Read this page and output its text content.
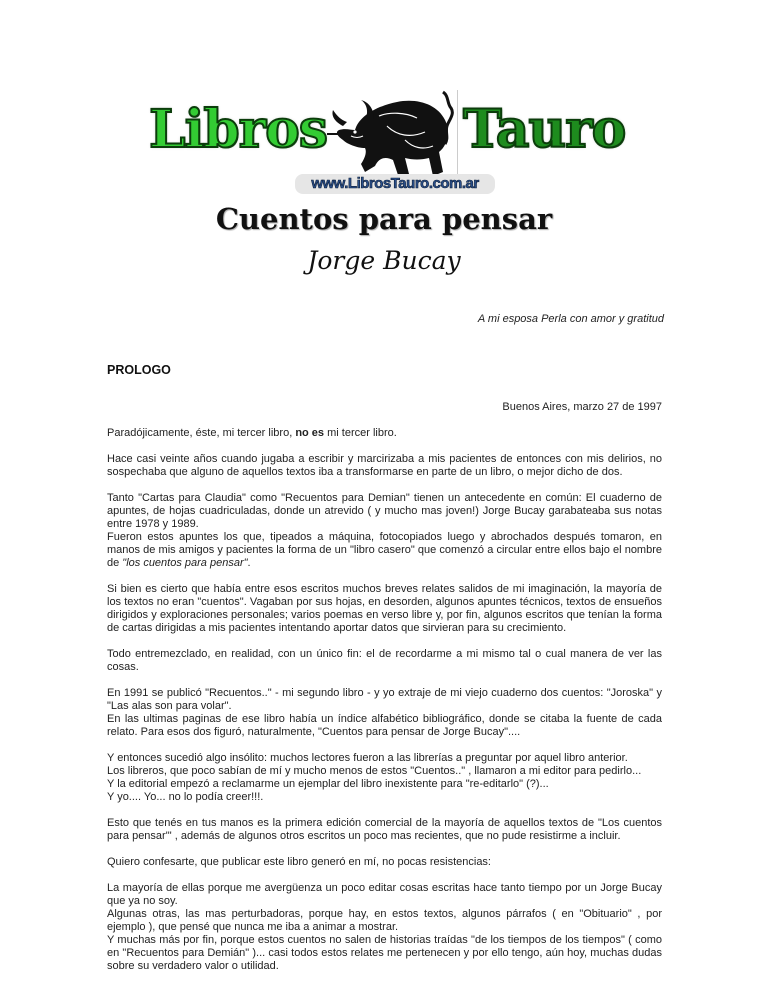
Libros	Tauro
www.LibrosTauro.com.ar
Cuentos para pensar
Jorge Bucay
A mi esposa Perla con amor y gratitud
PROLOGO
Buenos Aires, marzo 27 de 1997

Paradójicamente, éste, mi tercer libro, no es mi tercer libro.

Hace casi veinte años cuando jugaba a escribir y marcirizaba a mis pacientes de entonces con mis delirios, no sospechaba que alguno de aquellos textos iba a transformarse en parte de un libro, o mejor dicho de dos.

Tanto "Cartas para Claudia" como "Recuentos para Demian" tienen un antecedente en común: El cuaderno de apuntes, de hojas cuadriculadas, donde un atrevido ( y mucho mas joven!) Jorge Bucay garabateaba sus notas entre 1978 y 1989.
Fueron estos apuntes los que, tipeados a máquina, fotocopiados luego y abrochados después tomaron, en manos de mis amigos y pacientes la forma de un "libro casero" que comenzó a circular entre ellos bajo el nombre de "los cuentos para pensar".

Si bien es cierto que había entre esos escritos muchos breves relates salidos de mi imaginación, la mayoría de los textos no eran "cuentos". Vagaban por sus hojas, en desorden, algunos apuntes técnicos, textos de ensueños dirigidos y exploraciones personales; varios poemas en verso libre y, por fin, algunos escritos que tenían la forma de cartas dirigidas a mis pacientes intentando aportar datos que sirvieran para su crecimiento.

Todo entremezclado, en realidad, con un único fin: el de recordarme a mi mismo tal o cual manera de ver las cosas.

En 1991 se publicó "Recuentos.." - mi segundo libro - y yo extraje de mi viejo cuaderno dos cuentos: "Joroska" y "Las alas son para volar".
En las ultimas paginas de ese libro había un índice alfabético bibliográfico, donde se citaba la fuente de cada relato. Para esos dos figuró, naturalmente, "Cuentos para pensar de Jorge Bucay"....

Y entonces sucedió algo insólito: muchos lectores fueron a las librerías a preguntar por aquel libro anterior.
Los libreros, que poco sabían de mí y mucho menos de estos "Cuentos.." , llamaron a mi editor para pedirlo...
Y la editorial empezó a reclamarme un ejemplar del libro inexistente para "re-editarlo" (?)...
Y yo.... Yo... no lo podía creer!!!.

Esto que tenés en tus manos es la primera edición comercial de la mayoría de aquellos textos de "Los cuentos para pensar"' , además de algunos otros escritos un poco mas recientes, que no pude resistirme a incluir.

Quiero confesarte, que publicar este libro generó en mí, no pocas resistencias:

La mayoría de ellas porque me avergüenza un poco editar cosas escritas hace tanto tiempo por un Jorge Bucay que ya no soy.
Algunas otras, las mas perturbadoras, porque hay, en estos textos, algunos párrafos ( en "Obituario" , por ejemplo ), que pensé que nunca me iba a animar a mostrar.
Y muchas más por fin, porque estos cuentos no salen de historias traídas "de los tiempos de los tiempos" ( como en "Recuentos para Demián" )... casi todos estos relates me pertenecen y por ello tengo, aún hoy, muchas dudas sobre su verdadero valor o utilidad.
